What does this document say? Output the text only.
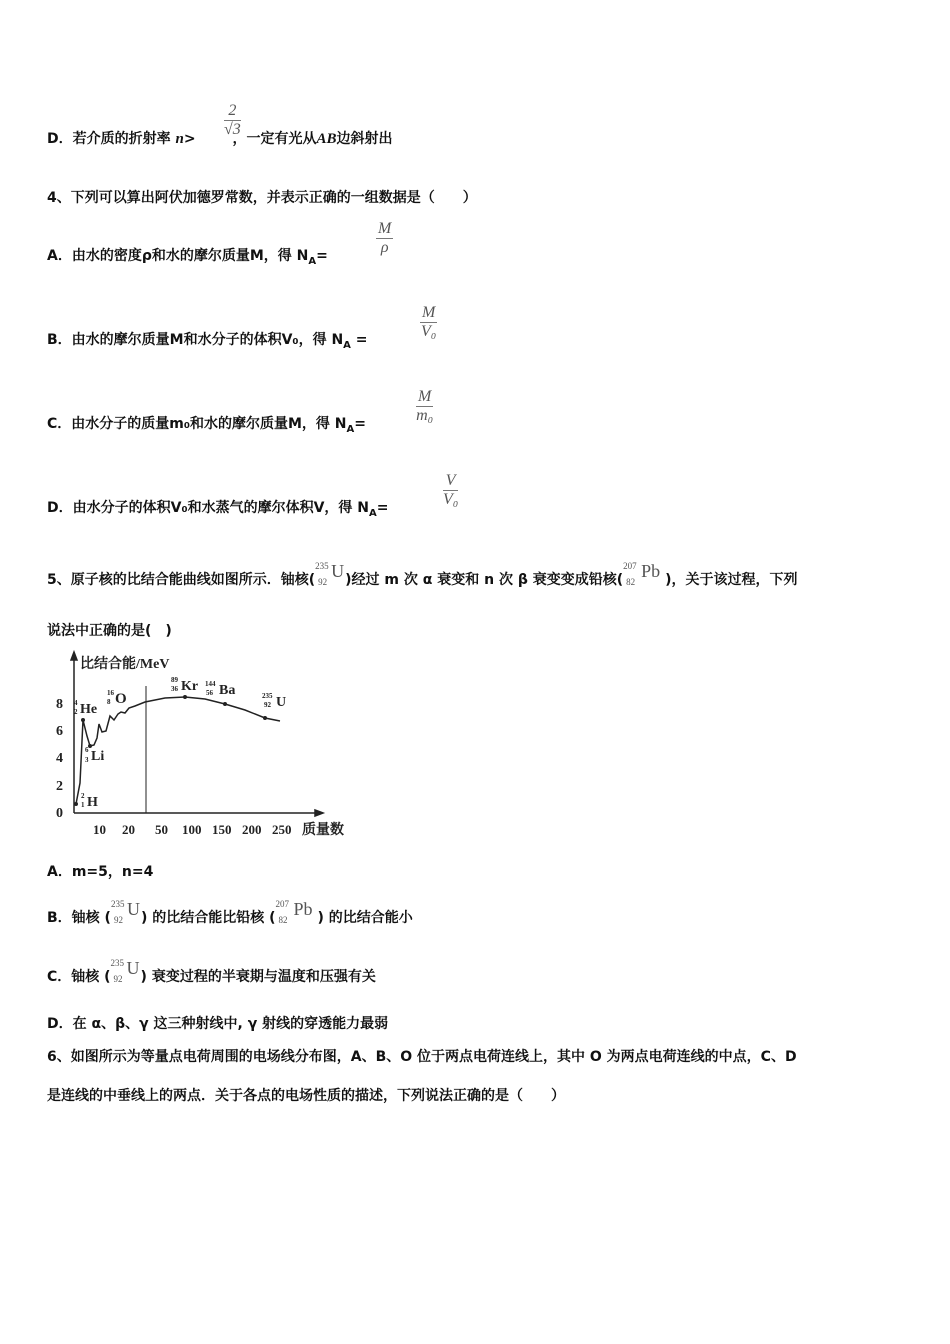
D．若介质的折射率 n>	，一定有光从AB边斜射出
2
√3
4、下列可以算出阿伏加德罗常数，并表示正确的一组数据是（　　）
A．由水的密度ρ和水的摩尔质量M，得 $N_A=$
M
ρ
B．由水的摩尔质量M和水分子的体积V₀，得 $N_A$ =
M
V₀
C．由水分子的质量m₀和水的摩尔质量M，得 $N_A=$
M
m₀
D．由水分子的体积V₀和水蒸气的摩尔体积V，得 $N_A=$
V
V₀
5、原子核的比结合能曲线如图所示．铀核(
235
92
U )经过 m 次 α 衰变和 n 次 β 衰变变成铅核(
207
82
Pb )，关于该过程，下列
说法中正确的是(　)
比结合能/MeV
0
2
4
6
8
10 20 50 100 150 200 250 质量数
4
2 He
16
8 O
6
3 Li
2
1 H
89
36 Kr 144
56 Ba	235
92 U
A．m=5，n=4
B．铀核 (
235
92
U ) 的比结合能比铅核 (
207
82
Pb ) 的比结合能小
C．铀核 (
235
92
U ) 衰变过程的半衰期与温度和压强有关
D．在 α、β、γ 这三种射线中, γ 射线的穿透能力最弱
6、如图所示为等量点电荷周围的电场线分布图，A、B、O 位于两点电荷连线上，其中 O 为两点电荷连线的中点，C、D
是连线的中垂线上的两点．关于各点的电场性质的描述，下列说法正确的是（　　）
